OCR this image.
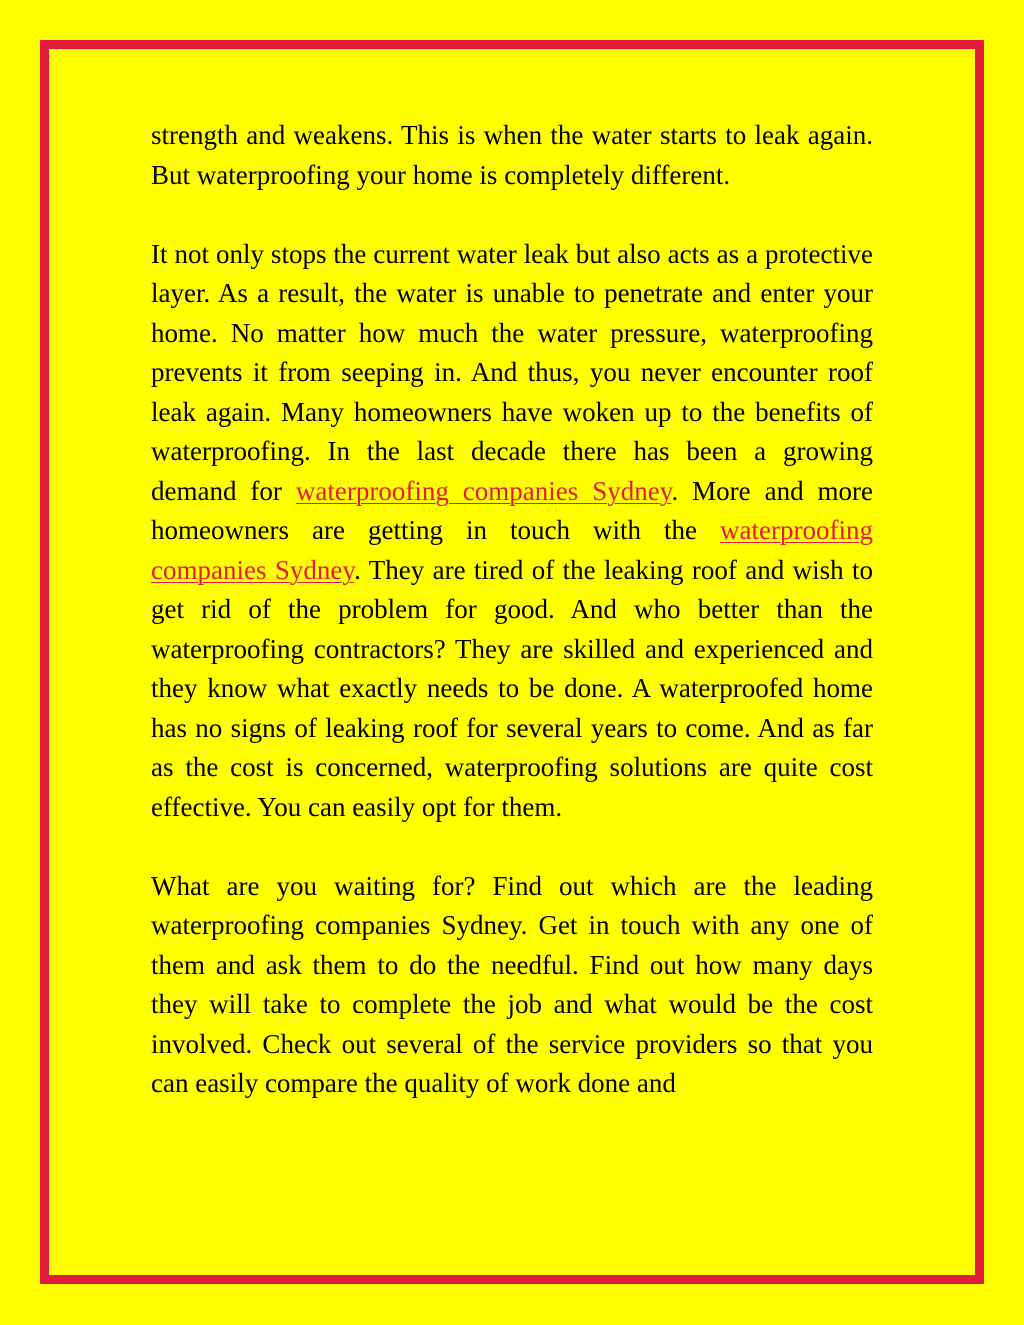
strength and weakens. This is when the water starts to leak again. But waterproofing your home is completely different.

It not only stops the current water leak but also acts as a protective layer. As a result, the water is unable to penetrate and enter your home. No matter how much the water pressure, waterproofing prevents it from seeping in. And thus, you never encounter roof leak again. Many homeowners have woken up to the benefits of waterproofing. In the last decade there has been a growing demand for waterproofing companies Sydney. More and more homeowners are getting in touch with the waterproofing companies Sydney. They are tired of the leaking roof and wish to get rid of the problem for good. And who better than the waterproofing contractors? They are skilled and experienced and they know what exactly needs to be done. A waterproofed home has no signs of leaking roof for several years to come. And as far as the cost is concerned, waterproofing solutions are quite cost effective. You can easily opt for them.

What are you waiting for? Find out which are the leading waterproofing companies Sydney. Get in touch with any one of them and ask them to do the needful. Find out how many days they will take to complete the job and what would be the cost involved. Check out several of the service providers so that you can easily compare the quality of work done and
